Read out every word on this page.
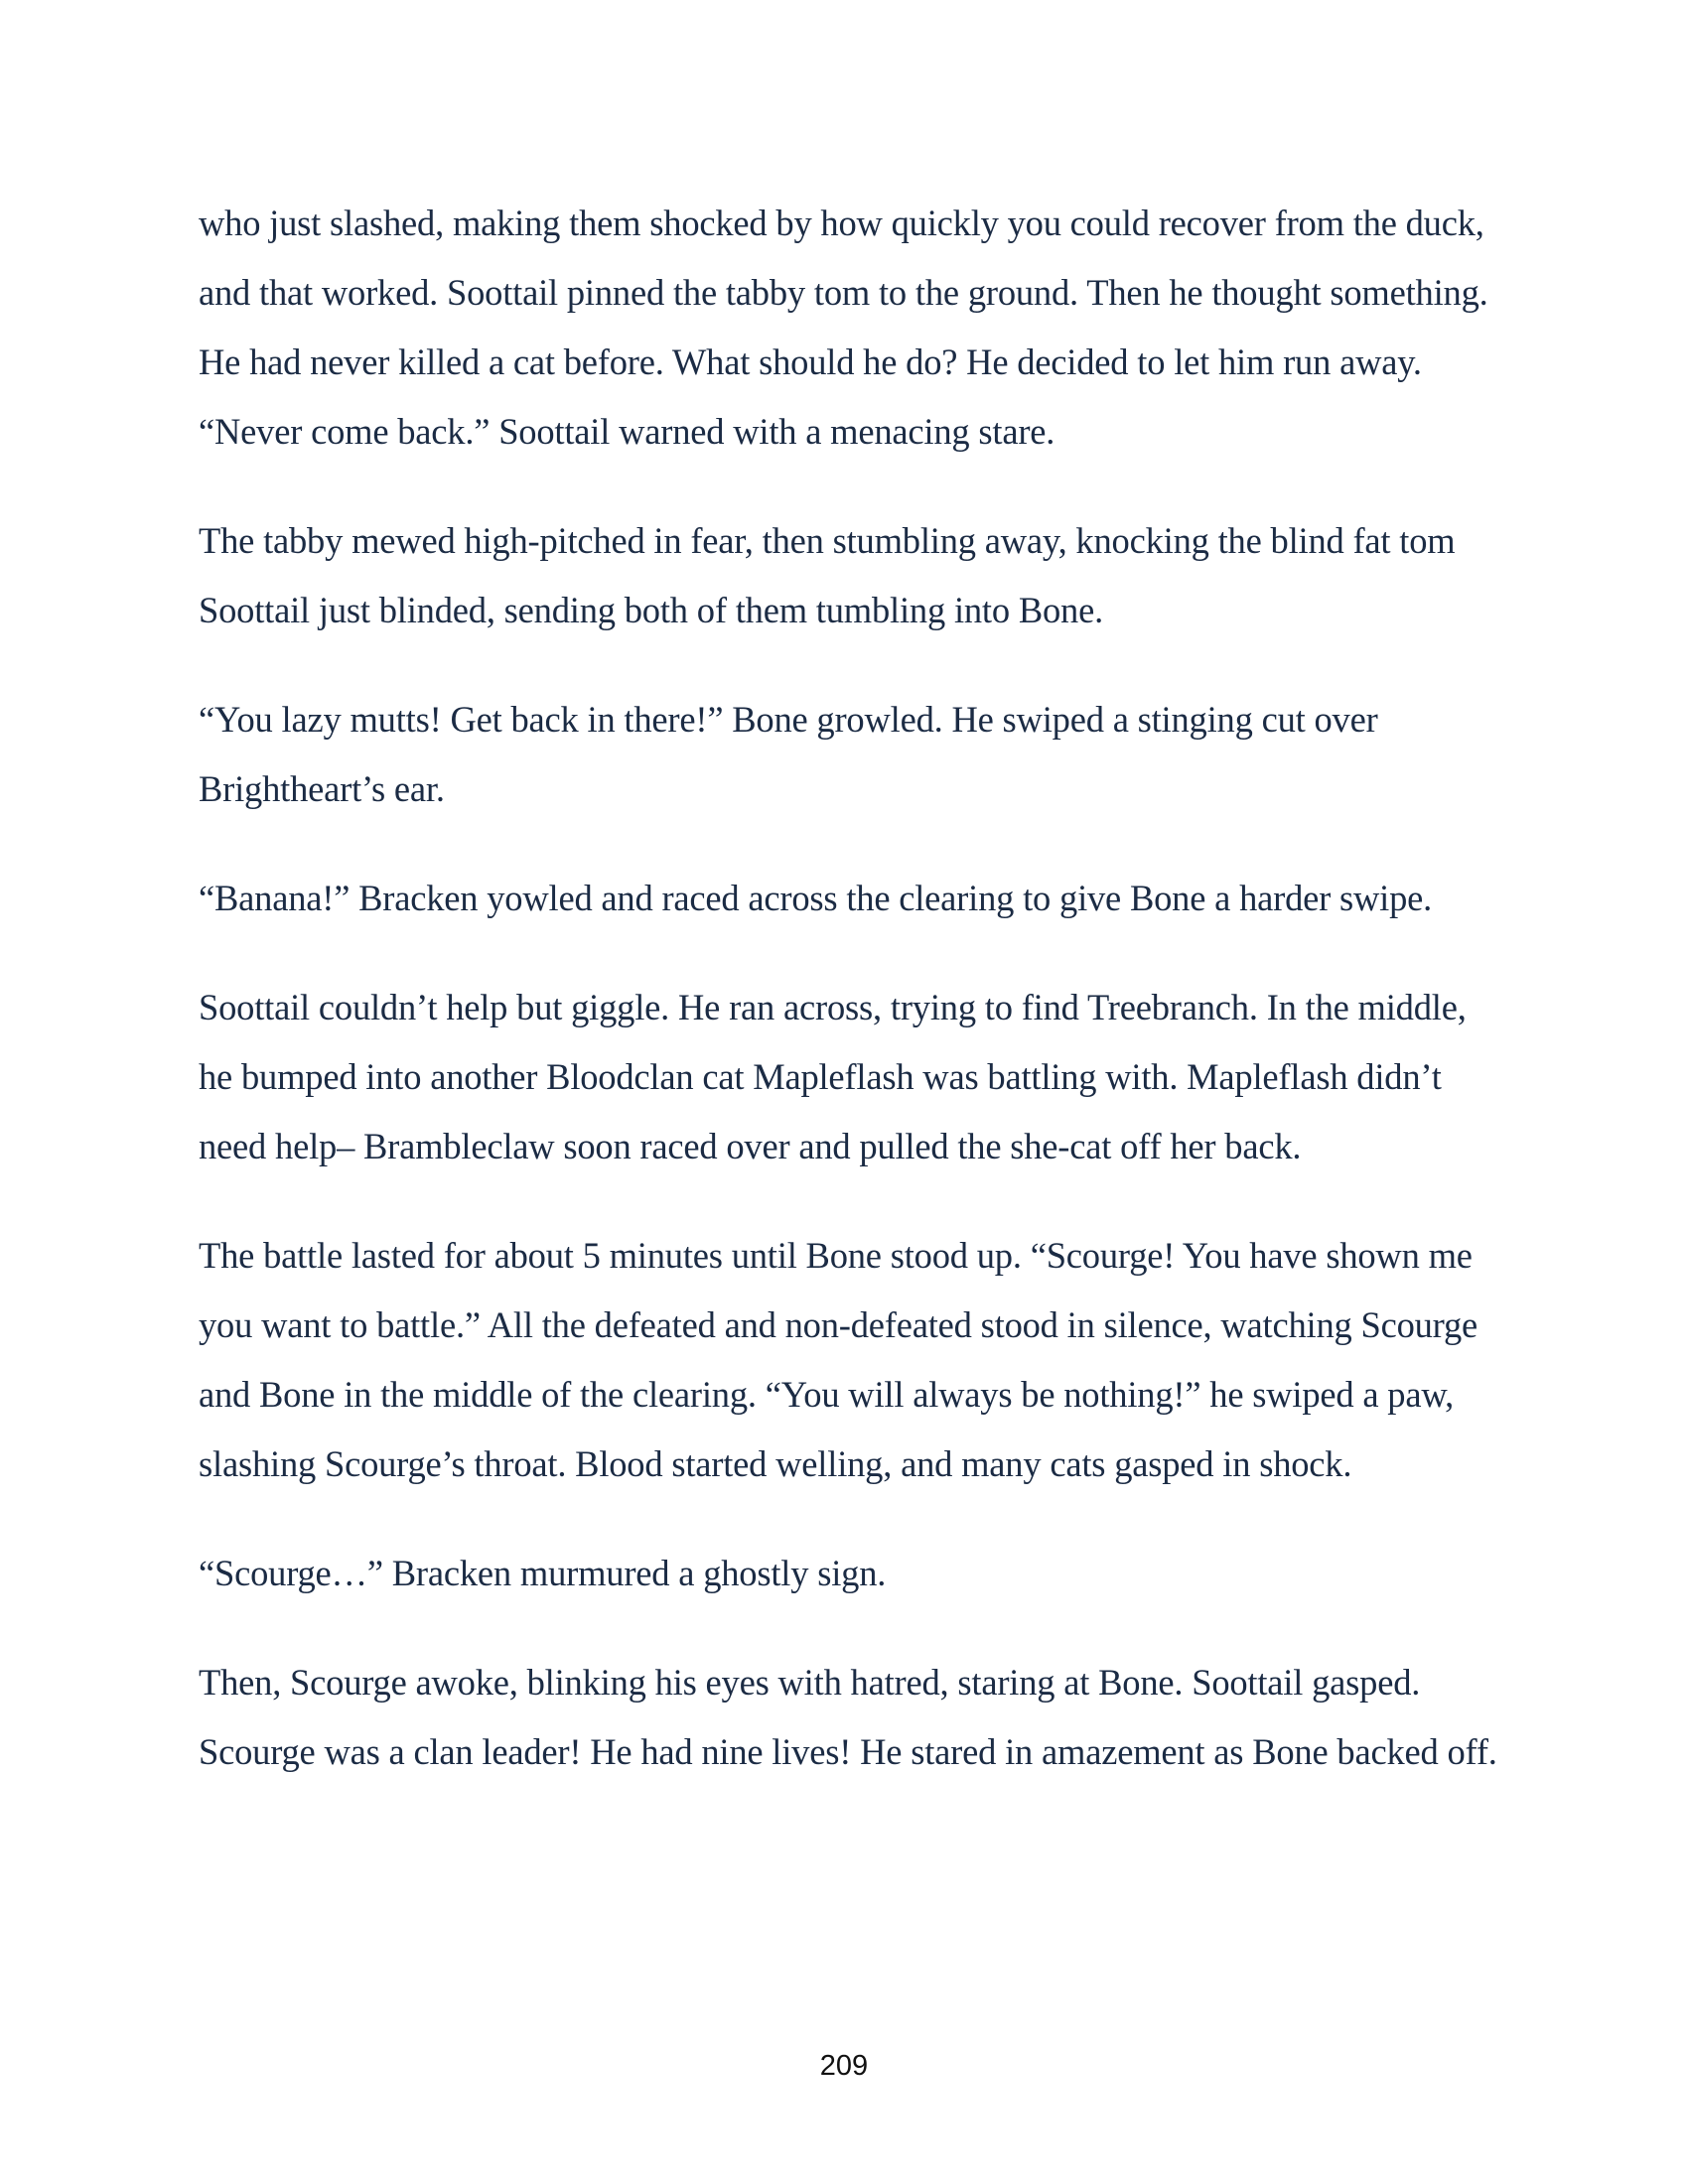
who just slashed, making them shocked by how quickly you could recover from the duck, and that worked. Soottail pinned the tabby tom to the ground. Then he thought something. He had never killed a cat before. What should he do? He decided to let him run away. “Never come back.” Soottail warned with a menacing stare.

The tabby mewed high-pitched in fear, then stumbling away, knocking the blind fat tom Soottail just blinded, sending both of them tumbling into Bone.

“You lazy mutts! Get back in there!” Bone growled. He swiped a stinging cut over Brightheart’s ear.

“Banana!” Bracken yowled and raced across the clearing to give Bone a harder swipe.

Soottail couldn’t help but giggle. He ran across, trying to find Treebranch. In the middle, he bumped into another Bloodclan cat Mapleflash was battling with. Mapleflash didn’t need help– Brambleclaw soon raced over and pulled the she-cat off her back.

The battle lasted for about 5 minutes until Bone stood up. “Scourge! You have shown me you want to battle.” All the defeated and non-defeated stood in silence, watching Scourge and Bone in the middle of the clearing. “You will always be nothing!” he swiped a paw, slashing Scourge’s throat. Blood started welling, and many cats gasped in shock.

“Scourge…” Bracken murmured a ghostly sign.

Then, Scourge awoke, blinking his eyes with hatred, staring at Bone. Soottail gasped. Scourge was a clan leader! He had nine lives! He stared in amazement as Bone backed off.

209
